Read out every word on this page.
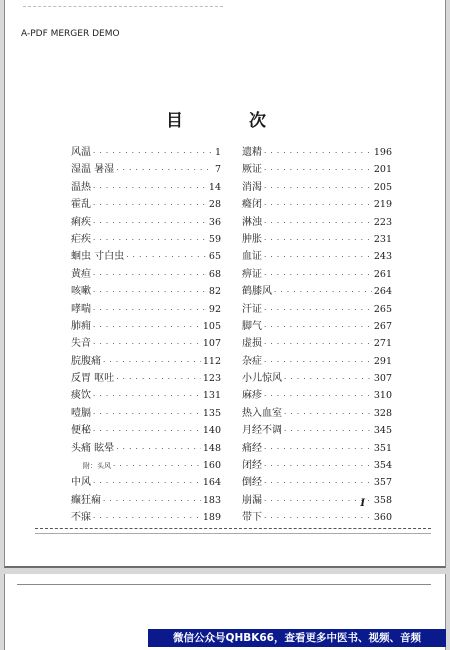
A-PDF MERGER DEMO
目 次
风温 · · ·	1
湿温 暑湿 · · ·	7
温热 · · ·	14
霍乱 · · ·	28
痢疾 · · ·	36
疟疾 · · ·	59
蛔虫 寸白虫 · · ·	65
黄疸 · · ·	68
咳嗽 · · ·	82
哮喘 · · ·	92
肺痈 · · ·	105
失音 · · ·	107
脘腹痛 · · ·	112
反胃 呕吐 · · ·	123
痰饮 · · ·	131
噎膈 · · ·	135
便秘 · · ·	140
头痛 眩晕 · · ·	148
附：头风 · · ·	160
中风 · · ·	164
癫狂痫 · · ·	183
不寐 · · ·	189
遗精 · · ·	196
厥证 · · ·	201
消渴 · · ·	205
癃闭 · · ·	219
淋浊 · · ·	223
肿胀 · · ·	231
血证 · · ·	243
痹证 · · ·	261
鹤膝风 · · ·	264
汗证 · · ·	265
脚气 · · ·	267
虚损 · · ·	271
杂症 · · ·	291
小儿惊风 · · ·	307
麻疹 · · ·	310
热入血室 · · ·	328
月经不调 · · ·	345
痛经 · · ·	351
闭经 · · ·	354
倒经 · · ·	357
崩漏 · · ·	358
带下 · · ·	360
I
微信公众号QHBK66，查看更多中医书、视频、音频
